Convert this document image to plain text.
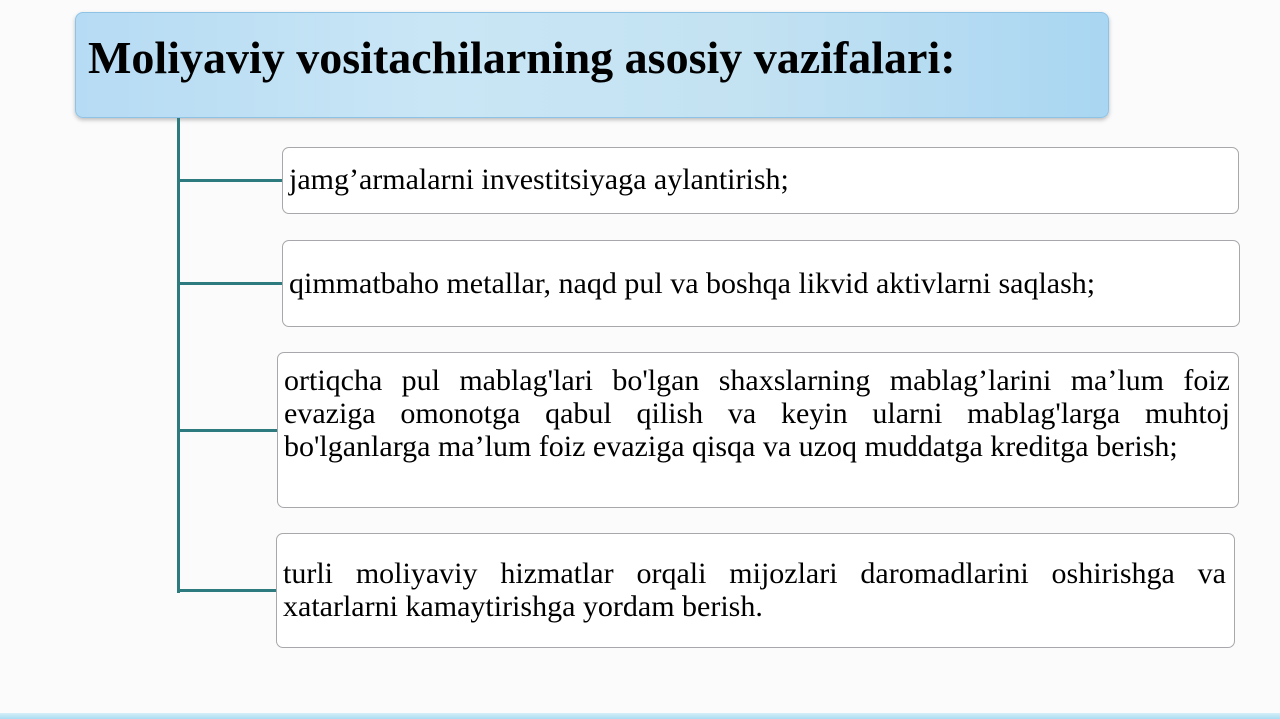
Moliyaviy vositachilarning asosiy vazifalari:
jamg’armalarni investitsiyaga aylantirish;
qimmatbaho metallar, naqd pul va boshqa likvid aktivlarni saqlash;
ortiqcha pul mablag'lari bo'lgan shaxslarning mablag’larini ma’lum foiz evaziga omonotga qabul qilish va keyin ularni mablag'larga muhtoj bo'lganlarga ma’lum foiz evaziga qisqa va uzoq muddatga kreditga berish;
turli moliyaviy hizmatlar orqali mijozlari daromadlarini oshirishga va xatarlarni kamaytirishga yordam berish.
